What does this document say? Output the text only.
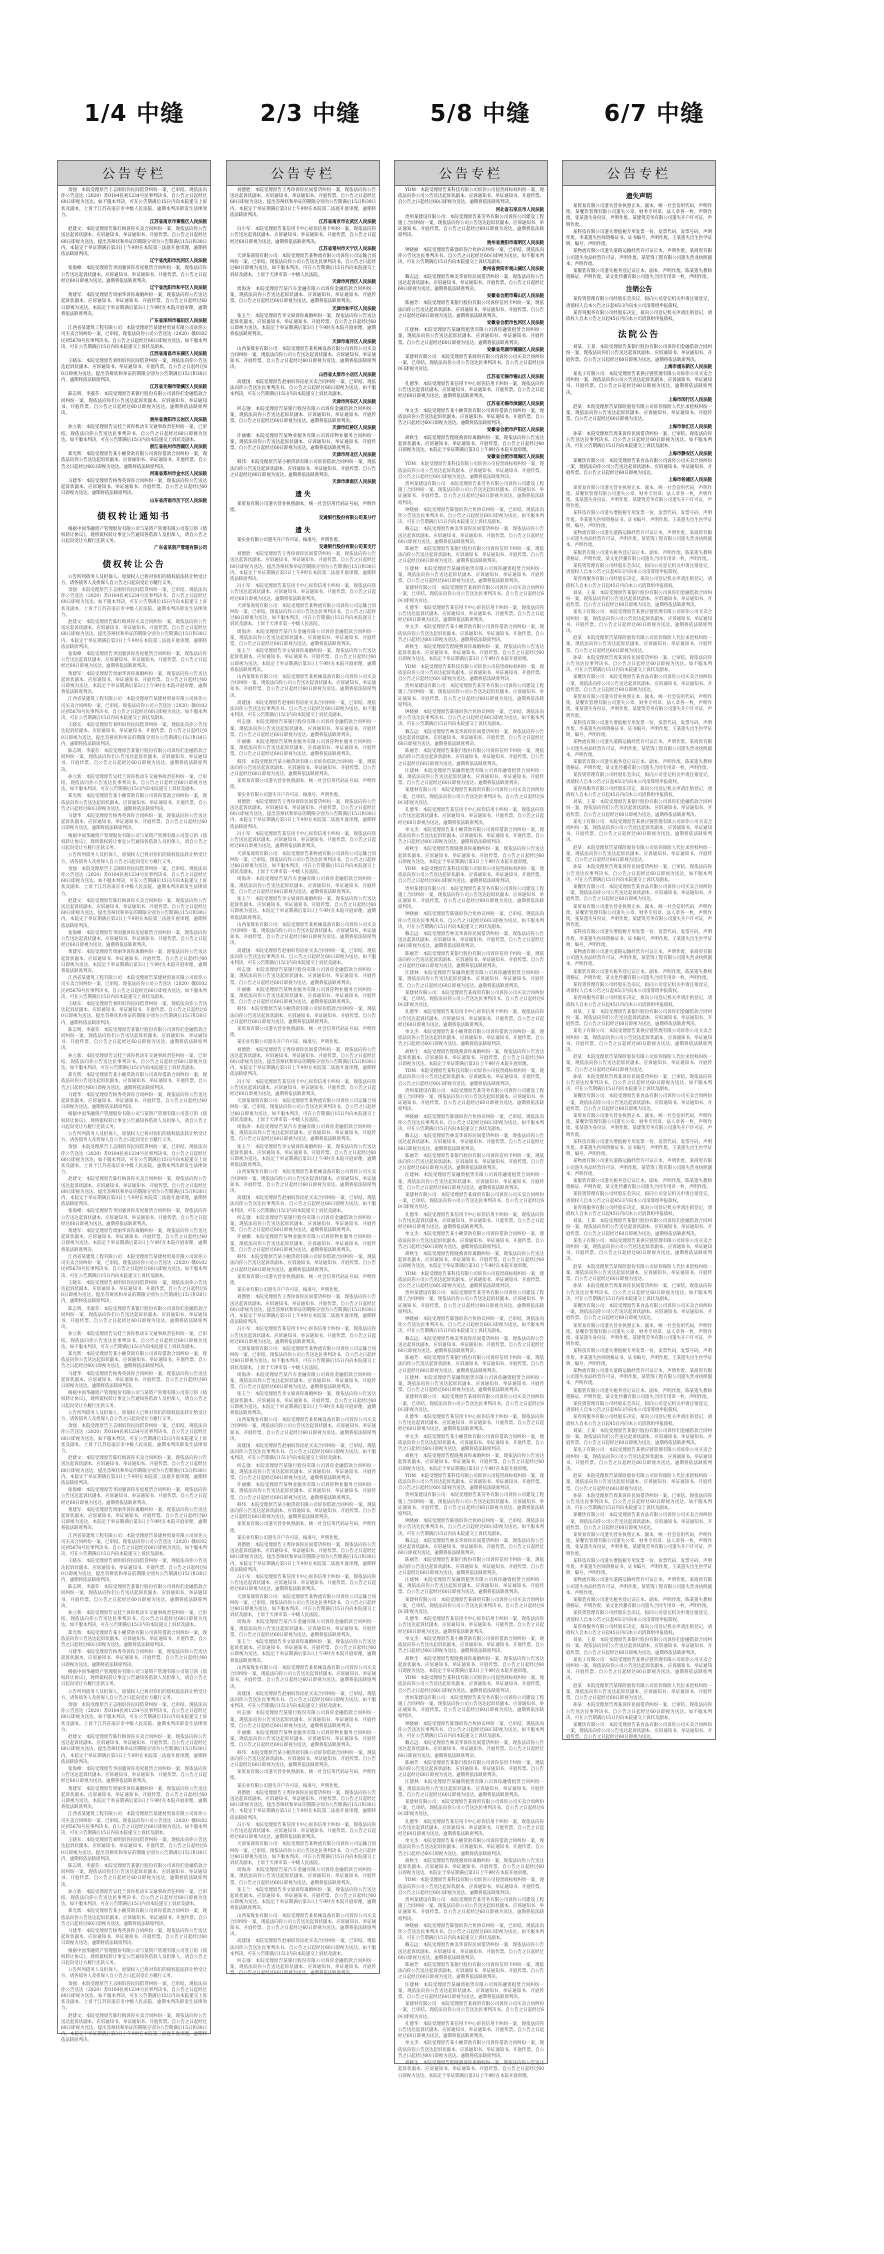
1/4 中缝	2/3 中缝	5/8 中缝	6/7 中缝
公告专栏
余强：本院受理原告王志刚诉你民间借贷纠纷一案，已审结。现依法向你公告送达（2020）苏0104民初1234号民事判决书。自公告之日起经过60日即视为送达。如不服本判决，可在公告期满后15日内向本院递交上诉状及副本，上诉于江苏省南京市中级人民法院。逾期本判决即发生法律效力。
江苏省南京市秦淮区人民法院
赵建文：本院受理原告陈红梅诉你买卖合同纠纷一案，现依法向你公告送达起诉状副本、应诉通知书、举证通知书、开庭传票。自公告之日起经过60日即视为送达。提出答辩状和举证的期限分别为公告期满后15日和30日内。本院定于举证期满后第3日上午9时在本院第三法庭开庭审理，逾期将依法缺席判决。
辽宁省沈阳市沈河区人民法院
张海峰：本院受理原告李国强诉你房屋租赁合同纠纷一案，现依法向你公告送达起诉状副本、应诉通知书、举证通知书、开庭传票。自公告之日起经过60日即视为送达。逾期将依法缺席判决。
辽宁省沈阳市和平区人民法院
黄建军：本院受理原告周丽华诉你离婚纠纷一案，现依法向你公告送达起诉状副本、应诉通知书、举证通知书、开庭传票。自公告之日起经过60日即视为送达。本院定于举证期满后第3日上午9时在本院开庭审理，逾期将依法缺席判决。
广东省深圳市福田区人民法院
江西省某建筑工程有限公司：本院受理原告某建材贸易有限公司诉你公司买卖合同纠纷一案，已审结。现依法向你公司公告送达（2020）赣0102民初5678号民事判决书。自公告之日起经过60日即视为送达。如不服本判决，可在公告期满后15日内向本院递交上诉状及副本。
江西省南昌市东湖区人民法院
王晓东：本院受理原告刘明诉你民间借贷纠纷一案，现依法向你公告送达起诉状副本、应诉通知书、举证通知书、开庭传票。自公告之日起经过60日即视为送达。提出答辩状和举证的期限分别为公告期满后15日和30日内，逾期将依法缺席判决。
江苏省无锡市梁溪区人民法院
陈志明、李淑芬：本院受理原告某银行股份有限公司诉你们金融借款合同纠纷一案，现依法向你们公告送达起诉状副本、应诉通知书、举证通知书、开庭传票。自公告之日起经过60日即视为送达。逾期将依法缺席判决。
贵州省贵阳市云岩区人民法院
孙立新：本院受理原告吴桂兰诉你机动车交通事故责任纠纷一案，已审结。现依法向你公告送达民事判决书。自公告之日起经过60日即视为送达。如不服本判决，可在公告期满后15日内向本院递交上诉状及副本。
浙江省杭州市西湖区人民法院
郑光辉：本院受理原告某小额贷款有限公司诉你借款合同纠纷一案，现依法向你公告送达起诉状副本、应诉通知书、举证通知书、开庭传票。自公告之日起经过60日即视为送达。逾期将依法缺席判决。
河南省郑州市金水区人民法院
马建华：本院受理原告杨秀英诉你合同纠纷一案，现依法向你公告送达起诉状副本、应诉通知书、举证通知书、开庭传票。自公告之日起经过60日即视为送达。逾期将依法缺席判决。
山东省济南市历下区人民法院
债权转让通知书
根据中国华融资产管理股份有限公司与某资产管理有限公司签订的《债权转让协议》，现将债权转让事宜公告通知各借款人及担保人，请自公告之日起向受让方履行还款义务。
广东省某资产管理有限公司
债权转让公告
公告所列债务人及担保人，原债权人已将对你们的债权依法转让给受让方，请各债务人及担保人自公告之日起向受让方履行义务。
余强：本院受理原告王志刚诉你民间借贷纠纷一案，已审结。现依法向你公告送达（2020）苏0104民初1234号民事判决书。自公告之日起经过60日即视为送达。如不服本判决，可在公告期满后15日内向本院递交上诉状及副本，上诉于江苏省南京市中级人民法院。逾期本判决即发生法律效力。
赵建文：本院受理原告陈红梅诉你买卖合同纠纷一案，现依法向你公告送达起诉状副本、应诉通知书、举证通知书、开庭传票。自公告之日起经过60日即视为送达。提出答辩状和举证的期限分别为公告期满后15日和30日内。本院定于举证期满后第3日上午9时在本院第三法庭开庭审理，逾期将依法缺席判决。
张海峰：本院受理原告李国强诉你房屋租赁合同纠纷一案，现依法向你公告送达起诉状副本、应诉通知书、举证通知书、开庭传票。自公告之日起经过60日即视为送达。逾期将依法缺席判决。
黄建军：本院受理原告周丽华诉你离婚纠纷一案，现依法向你公告送达起诉状副本、应诉通知书、举证通知书、开庭传票。自公告之日起经过60日即视为送达。本院定于举证期满后第3日上午9时在本院开庭审理，逾期将依法缺席判决。
江西省某建筑工程有限公司：本院受理原告某建材贸易有限公司诉你公司买卖合同纠纷一案，已审结。现依法向你公司公告送达（2020）赣0102民初5678号民事判决书。自公告之日起经过60日即视为送达。如不服本判决，可在公告期满后15日内向本院递交上诉状及副本。
王晓东：本院受理原告刘明诉你民间借贷纠纷一案，现依法向你公告送达起诉状副本、应诉通知书、举证通知书、开庭传票。自公告之日起经过60日即视为送达。提出答辩状和举证的期限分别为公告期满后15日和30日内，逾期将依法缺席判决。
陈志明、李淑芬：本院受理原告某银行股份有限公司诉你们金融借款合同纠纷一案，现依法向你们公告送达起诉状副本、应诉通知书、举证通知书、开庭传票。自公告之日起经过60日即视为送达。逾期将依法缺席判决。
孙立新：本院受理原告吴桂兰诉你机动车交通事故责任纠纷一案，已审结。现依法向你公告送达民事判决书。自公告之日起经过60日即视为送达。如不服本判决，可在公告期满后15日内向本院递交上诉状及副本。
郑光辉：本院受理原告某小额贷款有限公司诉你借款合同纠纷一案，现依法向你公告送达起诉状副本、应诉通知书、举证通知书、开庭传票。自公告之日起经过60日即视为送达。逾期将依法缺席判决。
马建华：本院受理原告杨秀英诉你合同纠纷一案，现依法向你公告送达起诉状副本、应诉通知书、举证通知书、开庭传票。自公告之日起经过60日即视为送达。逾期将依法缺席判决。
根据中国华融资产管理股份有限公司与某资产管理有限公司签订的《债权转让协议》，现将债权转让事宜公告通知各借款人及担保人，请自公告之日起向受让方履行还款义务。
公告所列债务人及担保人，原债权人已将对你们的债权依法转让给受让方，请各债务人及担保人自公告之日起向受让方履行义务。
余强：本院受理原告王志刚诉你民间借贷纠纷一案，已审结。现依法向你公告送达（2020）苏0104民初1234号民事判决书。自公告之日起经过60日即视为送达。如不服本判决，可在公告期满后15日内向本院递交上诉状及副本，上诉于江苏省南京市中级人民法院。逾期本判决即发生法律效力。
赵建文：本院受理原告陈红梅诉你买卖合同纠纷一案，现依法向你公告送达起诉状副本、应诉通知书、举证通知书、开庭传票。自公告之日起经过60日即视为送达。提出答辩状和举证的期限分别为公告期满后15日和30日内。本院定于举证期满后第3日上午9时在本院第三法庭开庭审理，逾期将依法缺席判决。
张海峰：本院受理原告李国强诉你房屋租赁合同纠纷一案，现依法向你公告送达起诉状副本、应诉通知书、举证通知书、开庭传票。自公告之日起经过60日即视为送达。逾期将依法缺席判决。
黄建军：本院受理原告周丽华诉你离婚纠纷一案，现依法向你公告送达起诉状副本、应诉通知书、举证通知书、开庭传票。自公告之日起经过60日即视为送达。本院定于举证期满后第3日上午9时在本院开庭审理，逾期将依法缺席判决。
江西省某建筑工程有限公司：本院受理原告某建材贸易有限公司诉你公司买卖合同纠纷一案，已审结。现依法向你公司公告送达（2020）赣0102民初5678号民事判决书。自公告之日起经过60日即视为送达。如不服本判决，可在公告期满后15日内向本院递交上诉状及副本。
王晓东：本院受理原告刘明诉你民间借贷纠纷一案，现依法向你公告送达起诉状副本、应诉通知书、举证通知书、开庭传票。自公告之日起经过60日即视为送达。提出答辩状和举证的期限分别为公告期满后15日和30日内，逾期将依法缺席判决。
陈志明、李淑芬：本院受理原告某银行股份有限公司诉你们金融借款合同纠纷一案，现依法向你们公告送达起诉状副本、应诉通知书、举证通知书、开庭传票。自公告之日起经过60日即视为送达。逾期将依法缺席判决。
孙立新：本院受理原告吴桂兰诉你机动车交通事故责任纠纷一案，已审结。现依法向你公告送达民事判决书。自公告之日起经过60日即视为送达。如不服本判决，可在公告期满后15日内向本院递交上诉状及副本。
郑光辉：本院受理原告某小额贷款有限公司诉你借款合同纠纷一案，现依法向你公告送达起诉状副本、应诉通知书、举证通知书、开庭传票。自公告之日起经过60日即视为送达。逾期将依法缺席判决。
马建华：本院受理原告杨秀英诉你合同纠纷一案，现依法向你公告送达起诉状副本、应诉通知书、举证通知书、开庭传票。自公告之日起经过60日即视为送达。逾期将依法缺席判决。
根据中国华融资产管理股份有限公司与某资产管理有限公司签订的《债权转让协议》，现将债权转让事宜公告通知各借款人及担保人，请自公告之日起向受让方履行还款义务。
公告所列债务人及担保人，原债权人已将对你们的债权依法转让给受让方，请各债务人及担保人自公告之日起向受让方履行义务。
余强：本院受理原告王志刚诉你民间借贷纠纷一案，已审结。现依法向你公告送达（2020）苏0104民初1234号民事判决书。自公告之日起经过60日即视为送达。如不服本判决，可在公告期满后15日内向本院递交上诉状及副本，上诉于江苏省南京市中级人民法院。逾期本判决即发生法律效力。
赵建文：本院受理原告陈红梅诉你买卖合同纠纷一案，现依法向你公告送达起诉状副本、应诉通知书、举证通知书、开庭传票。自公告之日起经过60日即视为送达。提出答辩状和举证的期限分别为公告期满后15日和30日内。本院定于举证期满后第3日上午9时在本院第三法庭开庭审理，逾期将依法缺席判决。
张海峰：本院受理原告李国强诉你房屋租赁合同纠纷一案，现依法向你公告送达起诉状副本、应诉通知书、举证通知书、开庭传票。自公告之日起经过60日即视为送达。逾期将依法缺席判决。
黄建军：本院受理原告周丽华诉你离婚纠纷一案，现依法向你公告送达起诉状副本、应诉通知书、举证通知书、开庭传票。自公告之日起经过60日即视为送达。本院定于举证期满后第3日上午9时在本院开庭审理，逾期将依法缺席判决。
江西省某建筑工程有限公司：本院受理原告某建材贸易有限公司诉你公司买卖合同纠纷一案，已审结。现依法向你公司公告送达（2020）赣0102民初5678号民事判决书。自公告之日起经过60日即视为送达。如不服本判决，可在公告期满后15日内向本院递交上诉状及副本。
王晓东：本院受理原告刘明诉你民间借贷纠纷一案，现依法向你公告送达起诉状副本、应诉通知书、举证通知书、开庭传票。自公告之日起经过60日即视为送达。提出答辩状和举证的期限分别为公告期满后15日和30日内，逾期将依法缺席判决。
陈志明、李淑芬：本院受理原告某银行股份有限公司诉你们金融借款合同纠纷一案，现依法向你们公告送达起诉状副本、应诉通知书、举证通知书、开庭传票。自公告之日起经过60日即视为送达。逾期将依法缺席判决。
孙立新：本院受理原告吴桂兰诉你机动车交通事故责任纠纷一案，已审结。现依法向你公告送达民事判决书。自公告之日起经过60日即视为送达。如不服本判决，可在公告期满后15日内向本院递交上诉状及副本。
郑光辉：本院受理原告某小额贷款有限公司诉你借款合同纠纷一案，现依法向你公告送达起诉状副本、应诉通知书、举证通知书、开庭传票。自公告之日起经过60日即视为送达。逾期将依法缺席判决。
马建华：本院受理原告杨秀英诉你合同纠纷一案，现依法向你公告送达起诉状副本、应诉通知书、举证通知书、开庭传票。自公告之日起经过60日即视为送达。逾期将依法缺席判决。
根据中国华融资产管理股份有限公司与某资产管理有限公司签订的《债权转让协议》，现将债权转让事宜公告通知各借款人及担保人，请自公告之日起向受让方履行还款义务。
公告所列债务人及担保人，原债权人已将对你们的债权依法转让给受让方，请各债务人及担保人自公告之日起向受让方履行义务。
余强：本院受理原告王志刚诉你民间借贷纠纷一案，已审结。现依法向你公告送达（2020）苏0104民初1234号民事判决书。自公告之日起经过60日即视为送达。如不服本判决，可在公告期满后15日内向本院递交上诉状及副本，上诉于江苏省南京市中级人民法院。逾期本判决即发生法律效力。
赵建文：本院受理原告陈红梅诉你买卖合同纠纷一案，现依法向你公告送达起诉状副本、应诉通知书、举证通知书、开庭传票。自公告之日起经过60日即视为送达。提出答辩状和举证的期限分别为公告期满后15日和30日内。本院定于举证期满后第3日上午9时在本院第三法庭开庭审理，逾期将依法缺席判决。
张海峰：本院受理原告李国强诉你房屋租赁合同纠纷一案，现依法向你公告送达起诉状副本、应诉通知书、举证通知书、开庭传票。自公告之日起经过60日即视为送达。逾期将依法缺席判决。
黄建军：本院受理原告周丽华诉你离婚纠纷一案，现依法向你公告送达起诉状副本、应诉通知书、举证通知书、开庭传票。自公告之日起经过60日即视为送达。本院定于举证期满后第3日上午9时在本院开庭审理，逾期将依法缺席判决。
江西省某建筑工程有限公司：本院受理原告某建材贸易有限公司诉你公司买卖合同纠纷一案，已审结。现依法向你公司公告送达（2020）赣0102民初5678号民事判决书。自公告之日起经过60日即视为送达。如不服本判决，可在公告期满后15日内向本院递交上诉状及副本。
王晓东：本院受理原告刘明诉你民间借贷纠纷一案，现依法向你公告送达起诉状副本、应诉通知书、举证通知书、开庭传票。自公告之日起经过60日即视为送达。提出答辩状和举证的期限分别为公告期满后15日和30日内，逾期将依法缺席判决。
陈志明、李淑芬：本院受理原告某银行股份有限公司诉你们金融借款合同纠纷一案，现依法向你们公告送达起诉状副本、应诉通知书、举证通知书、开庭传票。自公告之日起经过60日即视为送达。逾期将依法缺席判决。
孙立新：本院受理原告吴桂兰诉你机动车交通事故责任纠纷一案，已审结。现依法向你公告送达民事判决书。自公告之日起经过60日即视为送达。如不服本判决，可在公告期满后15日内向本院递交上诉状及副本。
郑光辉：本院受理原告某小额贷款有限公司诉你借款合同纠纷一案，现依法向你公告送达起诉状副本、应诉通知书、举证通知书、开庭传票。自公告之日起经过60日即视为送达。逾期将依法缺席判决。
马建华：本院受理原告杨秀英诉你合同纠纷一案，现依法向你公告送达起诉状副本、应诉通知书、举证通知书、开庭传票。自公告之日起经过60日即视为送达。逾期将依法缺席判决。
根据中国华融资产管理股份有限公司与某资产管理有限公司签订的《债权转让协议》，现将债权转让事宜公告通知各借款人及担保人，请自公告之日起向受让方履行还款义务。
公告所列债务人及担保人，原债权人已将对你们的债权依法转让给受让方，请各债务人及担保人自公告之日起向受让方履行义务。
余强：本院受理原告王志刚诉你民间借贷纠纷一案，已审结。现依法向你公告送达（2020）苏0104民初1234号民事判决书。自公告之日起经过60日即视为送达。如不服本判决，可在公告期满后15日内向本院递交上诉状及副本，上诉于江苏省南京市中级人民法院。逾期本判决即发生法律效力。
赵建文：本院受理原告陈红梅诉你买卖合同纠纷一案，现依法向你公告送达起诉状副本、应诉通知书、举证通知书、开庭传票。自公告之日起经过60日即视为送达。提出答辩状和举证的期限分别为公告期满后15日和30日内。本院定于举证期满后第3日上午9时在本院第三法庭开庭审理，逾期将依法缺席判决。
张海峰：本院受理原告李国强诉你房屋租赁合同纠纷一案，现依法向你公告送达起诉状副本、应诉通知书、举证通知书、开庭传票。自公告之日起经过60日即视为送达。逾期将依法缺席判决。
黄建军：本院受理原告周丽华诉你离婚纠纷一案，现依法向你公告送达起诉状副本、应诉通知书、举证通知书、开庭传票。自公告之日起经过60日即视为送达。本院定于举证期满后第3日上午9时在本院开庭审理，逾期将依法缺席判决。
江西省某建筑工程有限公司：本院受理原告某建材贸易有限公司诉你公司买卖合同纠纷一案，已审结。现依法向你公司公告送达（2020）赣0102民初5678号民事判决书。自公告之日起经过60日即视为送达。如不服本判决，可在公告期满后15日内向本院递交上诉状及副本。
王晓东：本院受理原告刘明诉你民间借贷纠纷一案，现依法向你公告送达起诉状副本、应诉通知书、举证通知书、开庭传票。自公告之日起经过60日即视为送达。提出答辩状和举证的期限分别为公告期满后15日和30日内，逾期将依法缺席判决。
陈志明、李淑芬：本院受理原告某银行股份有限公司诉你们金融借款合同纠纷一案，现依法向你们公告送达起诉状副本、应诉通知书、举证通知书、开庭传票。自公告之日起经过60日即视为送达。逾期将依法缺席判决。
孙立新：本院受理原告吴桂兰诉你机动车交通事故责任纠纷一案，已审结。现依法向你公告送达民事判决书。自公告之日起经过60日即视为送达。如不服本判决，可在公告期满后15日内向本院递交上诉状及副本。
郑光辉：本院受理原告某小额贷款有限公司诉你借款合同纠纷一案，现依法向你公告送达起诉状副本、应诉通知书、举证通知书、开庭传票。自公告之日起经过60日即视为送达。逾期将依法缺席判决。
马建华：本院受理原告杨秀英诉你合同纠纷一案，现依法向你公告送达起诉状副本、应诉通知书、举证通知书、开庭传票。自公告之日起经过60日即视为送达。逾期将依法缺席判决。
根据中国华融资产管理股份有限公司与某资产管理有限公司签订的《债权转让协议》，现将债权转让事宜公告通知各借款人及担保人，请自公告之日起向受让方履行还款义务。
公告所列债务人及担保人，原债权人已将对你们的债权依法转让给受让方，请各债务人及担保人自公告之日起向受让方履行义务。
余强：本院受理原告王志刚诉你民间借贷纠纷一案，已审结。现依法向你公告送达（2020）苏0104民初1234号民事判决书。自公告之日起经过60日即视为送达。如不服本判决，可在公告期满后15日内向本院递交上诉状及副本，上诉于江苏省南京市中级人民法院。逾期本判决即发生法律效力。
赵建文：本院受理原告陈红梅诉你买卖合同纠纷一案，现依法向你公告送达起诉状副本、应诉通知书、举证通知书、开庭传票。自公告之日起经过60日即视为送达。提出答辩状和举证的期限分别为公告期满后15日和30日内。本院定于举证期满后第3日上午9时在本院第三法庭开庭审理，逾期将依法缺席判决。
公告专栏
刘德胜：本院受理原告王秀珍诉你民间借贷纠纷一案，现依法向你公告送达起诉状副本、应诉通知书、举证通知书、开庭传票。自公告之日起经过60日即视为送达。提出答辩状和举证的期限分别为公告期满后15日和30日内。本院定于举证期满后第3日上午9时在本院第二法庭开庭审理，逾期将依法缺席判决。
江苏省南京市玄武区人民法院
冯小军：本院受理原告某信用卡中心诉你信用卡纠纷一案，现依法向你公告送达起诉状副本、应诉通知书、举证通知书、开庭传票。自公告之日起经过60日即视为送达。逾期将依法缺席判决。
江苏省常州市天宁区人民法院
天津某商贸有限公司：本院受理原告某物流有限公司诉你公司运输合同纠纷一案，已审结。现依法向你公司公告送达民事判决书。自公告之日起经过60日即视为送达。如不服本判决，可在公告期满后15日内向本院递交上诉状及副本，上诉于天津市第一中级人民法院。
天津市河西区人民法院
周海涛：本院受理原告某汽车金融有限公司诉你金融借款合同纠纷一案，现依法向你公告送达起诉状副本、应诉通知书、举证通知书、开庭传票。自公告之日起经过60日即视为送达。逾期将依法缺席判决。
天津市和平区人民法院
张玉兰：本院受理原告李文斌诉你离婚纠纷一案，现依法向你公告送达起诉状副本、应诉通知书、举证通知书、开庭传票。自公告之日起经过60日即视为送达。本院定于举证期满后第3日上午9时在本院开庭审理，逾期将依法缺席判决。
天津市南开区人民法院
山西某煤业有限公司：本院受理原告某机械设备有限公司诉你公司买卖合同纠纷一案，现依法向你公司公告送达起诉状副本、应诉通知书、举证通知书、开庭传票。自公告之日起经过60日即视为送达。逾期将依法缺席判决。
山西省太原市小店区人民法院
高建国：本院受理原告赵丽诉你房屋买卖合同纠纷一案，已审结。现依法向你公告送达民事判决书。自公告之日起经过60日即视为送达。如不服本判决，可在公告期满后15日内向本院递交上诉状及副本。
天津市河东区人民法院
何志强：本院受理原告某银行股份有限公司诉你金融借款合同纠纷一案，现依法向你公告送达起诉状副本、应诉通知书、举证通知书、开庭传票。自公告之日起经过60日即视为送达。逾期将依法缺席判决。
天津市红桥区人民法院
许丽娜：本院受理原告某物业服务有限公司诉你物业服务合同纠纷一案，现依法向你公告送达起诉状副本、应诉通知书、举证通知书、开庭传票。自公告之日起经过60日即视为送达。逾期将依法缺席判决。
天津市河北区人民法院
韩伟：本院受理原告某小额贷款有限公司诉你借款合同纠纷一案，现依法向你公告送达起诉状副本、应诉通知书、举证通知书、开庭传票。自公告之日起经过60日即视为送达。逾期将依法缺席判决。
天津市津南区人民法院
遗 失
某贸易有限公司遗失营业执照副本，统一社会信用代码证号码，声明作废。
交通银行股份有限公司某分行
遗 失
某实业有限公司遗失开户许可证，核准号，声明作废。
交通银行股份有限公司某支行
刘德胜：本院受理原告王秀珍诉你民间借贷纠纷一案，现依法向你公告送达起诉状副本、应诉通知书、举证通知书、开庭传票。自公告之日起经过60日即视为送达。提出答辩状和举证的期限分别为公告期满后15日和30日内。本院定于举证期满后第3日上午9时在本院第二法庭开庭审理，逾期将依法缺席判决。
冯小军：本院受理原告某信用卡中心诉你信用卡纠纷一案，现依法向你公告送达起诉状副本、应诉通知书、举证通知书、开庭传票。自公告之日起经过60日即视为送达。逾期将依法缺席判决。
天津某商贸有限公司：本院受理原告某物流有限公司诉你公司运输合同纠纷一案，已审结。现依法向你公司公告送达民事判决书。自公告之日起经过60日即视为送达。如不服本判决，可在公告期满后15日内向本院递交上诉状及副本，上诉于天津市第一中级人民法院。
周海涛：本院受理原告某汽车金融有限公司诉你金融借款合同纠纷一案，现依法向你公告送达起诉状副本、应诉通知书、举证通知书、开庭传票。自公告之日起经过60日即视为送达。逾期将依法缺席判决。
张玉兰：本院受理原告李文斌诉你离婚纠纷一案，现依法向你公告送达起诉状副本、应诉通知书、举证通知书、开庭传票。自公告之日起经过60日即视为送达。本院定于举证期满后第3日上午9时在本院开庭审理，逾期将依法缺席判决。
山西某煤业有限公司：本院受理原告某机械设备有限公司诉你公司买卖合同纠纷一案，现依法向你公司公告送达起诉状副本、应诉通知书、举证通知书、开庭传票。自公告之日起经过60日即视为送达。逾期将依法缺席判决。
高建国：本院受理原告赵丽诉你房屋买卖合同纠纷一案，已审结。现依法向你公告送达民事判决书。自公告之日起经过60日即视为送达。如不服本判决，可在公告期满后15日内向本院递交上诉状及副本。
何志强：本院受理原告某银行股份有限公司诉你金融借款合同纠纷一案，现依法向你公告送达起诉状副本、应诉通知书、举证通知书、开庭传票。自公告之日起经过60日即视为送达。逾期将依法缺席判决。
许丽娜：本院受理原告某物业服务有限公司诉你物业服务合同纠纷一案，现依法向你公告送达起诉状副本、应诉通知书、举证通知书、开庭传票。自公告之日起经过60日即视为送达。逾期将依法缺席判决。
韩伟：本院受理原告某小额贷款有限公司诉你借款合同纠纷一案，现依法向你公告送达起诉状副本、应诉通知书、举证通知书、开庭传票。自公告之日起经过60日即视为送达。逾期将依法缺席判决。
某贸易有限公司遗失营业执照副本，统一社会信用代码证号码，声明作废。
某实业有限公司遗失开户许可证，核准号，声明作废。
刘德胜：本院受理原告王秀珍诉你民间借贷纠纷一案，现依法向你公告送达起诉状副本、应诉通知书、举证通知书、开庭传票。自公告之日起经过60日即视为送达。提出答辩状和举证的期限分别为公告期满后15日和30日内。本院定于举证期满后第3日上午9时在本院第二法庭开庭审理，逾期将依法缺席判决。
冯小军：本院受理原告某信用卡中心诉你信用卡纠纷一案，现依法向你公告送达起诉状副本、应诉通知书、举证通知书、开庭传票。自公告之日起经过60日即视为送达。逾期将依法缺席判决。
天津某商贸有限公司：本院受理原告某物流有限公司诉你公司运输合同纠纷一案，已审结。现依法向你公司公告送达民事判决书。自公告之日起经过60日即视为送达。如不服本判决，可在公告期满后15日内向本院递交上诉状及副本，上诉于天津市第一中级人民法院。
周海涛：本院受理原告某汽车金融有限公司诉你金融借款合同纠纷一案，现依法向你公告送达起诉状副本、应诉通知书、举证通知书、开庭传票。自公告之日起经过60日即视为送达。逾期将依法缺席判决。
张玉兰：本院受理原告李文斌诉你离婚纠纷一案，现依法向你公告送达起诉状副本、应诉通知书、举证通知书、开庭传票。自公告之日起经过60日即视为送达。本院定于举证期满后第3日上午9时在本院开庭审理，逾期将依法缺席判决。
山西某煤业有限公司：本院受理原告某机械设备有限公司诉你公司买卖合同纠纷一案，现依法向你公司公告送达起诉状副本、应诉通知书、举证通知书、开庭传票。自公告之日起经过60日即视为送达。逾期将依法缺席判决。
高建国：本院受理原告赵丽诉你房屋买卖合同纠纷一案，已审结。现依法向你公告送达民事判决书。自公告之日起经过60日即视为送达。如不服本判决，可在公告期满后15日内向本院递交上诉状及副本。
何志强：本院受理原告某银行股份有限公司诉你金融借款合同纠纷一案，现依法向你公告送达起诉状副本、应诉通知书、举证通知书、开庭传票。自公告之日起经过60日即视为送达。逾期将依法缺席判决。
许丽娜：本院受理原告某物业服务有限公司诉你物业服务合同纠纷一案，现依法向你公告送达起诉状副本、应诉通知书、举证通知书、开庭传票。自公告之日起经过60日即视为送达。逾期将依法缺席判决。
韩伟：本院受理原告某小额贷款有限公司诉你借款合同纠纷一案，现依法向你公告送达起诉状副本、应诉通知书、举证通知书、开庭传票。自公告之日起经过60日即视为送达。逾期将依法缺席判决。
某贸易有限公司遗失营业执照副本，统一社会信用代码证号码，声明作废。
某实业有限公司遗失开户许可证，核准号，声明作废。
刘德胜：本院受理原告王秀珍诉你民间借贷纠纷一案，现依法向你公告送达起诉状副本、应诉通知书、举证通知书、开庭传票。自公告之日起经过60日即视为送达。提出答辩状和举证的期限分别为公告期满后15日和30日内。本院定于举证期满后第3日上午9时在本院第二法庭开庭审理，逾期将依法缺席判决。
冯小军：本院受理原告某信用卡中心诉你信用卡纠纷一案，现依法向你公告送达起诉状副本、应诉通知书、举证通知书、开庭传票。自公告之日起经过60日即视为送达。逾期将依法缺席判决。
天津某商贸有限公司：本院受理原告某物流有限公司诉你公司运输合同纠纷一案，已审结。现依法向你公司公告送达民事判决书。自公告之日起经过60日即视为送达。如不服本判决，可在公告期满后15日内向本院递交上诉状及副本，上诉于天津市第一中级人民法院。
周海涛：本院受理原告某汽车金融有限公司诉你金融借款合同纠纷一案，现依法向你公告送达起诉状副本、应诉通知书、举证通知书、开庭传票。自公告之日起经过60日即视为送达。逾期将依法缺席判决。
张玉兰：本院受理原告李文斌诉你离婚纠纷一案，现依法向你公告送达起诉状副本、应诉通知书、举证通知书、开庭传票。自公告之日起经过60日即视为送达。本院定于举证期满后第3日上午9时在本院开庭审理，逾期将依法缺席判决。
山西某煤业有限公司：本院受理原告某机械设备有限公司诉你公司买卖合同纠纷一案，现依法向你公司公告送达起诉状副本、应诉通知书、举证通知书、开庭传票。自公告之日起经过60日即视为送达。逾期将依法缺席判决。
高建国：本院受理原告赵丽诉你房屋买卖合同纠纷一案，已审结。现依法向你公告送达民事判决书。自公告之日起经过60日即视为送达。如不服本判决，可在公告期满后15日内向本院递交上诉状及副本。
何志强：本院受理原告某银行股份有限公司诉你金融借款合同纠纷一案，现依法向你公告送达起诉状副本、应诉通知书、举证通知书、开庭传票。自公告之日起经过60日即视为送达。逾期将依法缺席判决。
许丽娜：本院受理原告某物业服务有限公司诉你物业服务合同纠纷一案，现依法向你公告送达起诉状副本、应诉通知书、举证通知书、开庭传票。自公告之日起经过60日即视为送达。逾期将依法缺席判决。
韩伟：本院受理原告某小额贷款有限公司诉你借款合同纠纷一案，现依法向你公告送达起诉状副本、应诉通知书、举证通知书、开庭传票。自公告之日起经过60日即视为送达。逾期将依法缺席判决。
某贸易有限公司遗失营业执照副本，统一社会信用代码证号码，声明作废。
某实业有限公司遗失开户许可证，核准号，声明作废。
刘德胜：本院受理原告王秀珍诉你民间借贷纠纷一案，现依法向你公告送达起诉状副本、应诉通知书、举证通知书、开庭传票。自公告之日起经过60日即视为送达。提出答辩状和举证的期限分别为公告期满后15日和30日内。本院定于举证期满后第3日上午9时在本院第二法庭开庭审理，逾期将依法缺席判决。
冯小军：本院受理原告某信用卡中心诉你信用卡纠纷一案，现依法向你公告送达起诉状副本、应诉通知书、举证通知书、开庭传票。自公告之日起经过60日即视为送达。逾期将依法缺席判决。
天津某商贸有限公司：本院受理原告某物流有限公司诉你公司运输合同纠纷一案，已审结。现依法向你公司公告送达民事判决书。自公告之日起经过60日即视为送达。如不服本判决，可在公告期满后15日内向本院递交上诉状及副本，上诉于天津市第一中级人民法院。
周海涛：本院受理原告某汽车金融有限公司诉你金融借款合同纠纷一案，现依法向你公告送达起诉状副本、应诉通知书、举证通知书、开庭传票。自公告之日起经过60日即视为送达。逾期将依法缺席判决。
张玉兰：本院受理原告李文斌诉你离婚纠纷一案，现依法向你公告送达起诉状副本、应诉通知书、举证通知书、开庭传票。自公告之日起经过60日即视为送达。本院定于举证期满后第3日上午9时在本院开庭审理，逾期将依法缺席判决。
山西某煤业有限公司：本院受理原告某机械设备有限公司诉你公司买卖合同纠纷一案，现依法向你公司公告送达起诉状副本、应诉通知书、举证通知书、开庭传票。自公告之日起经过60日即视为送达。逾期将依法缺席判决。
高建国：本院受理原告赵丽诉你房屋买卖合同纠纷一案，已审结。现依法向你公告送达民事判决书。自公告之日起经过60日即视为送达。如不服本判决，可在公告期满后15日内向本院递交上诉状及副本。
何志强：本院受理原告某银行股份有限公司诉你金融借款合同纠纷一案，现依法向你公告送达起诉状副本、应诉通知书、举证通知书、开庭传票。自公告之日起经过60日即视为送达。逾期将依法缺席判决。
许丽娜：本院受理原告某物业服务有限公司诉你物业服务合同纠纷一案，现依法向你公告送达起诉状副本、应诉通知书、举证通知书、开庭传票。自公告之日起经过60日即视为送达。逾期将依法缺席判决。
韩伟：本院受理原告某小额贷款有限公司诉你借款合同纠纷一案，现依法向你公告送达起诉状副本、应诉通知书、举证通知书、开庭传票。自公告之日起经过60日即视为送达。逾期将依法缺席判决。
某贸易有限公司遗失营业执照副本，统一社会信用代码证号码，声明作废。
某实业有限公司遗失开户许可证，核准号，声明作废。
刘德胜：本院受理原告王秀珍诉你民间借贷纠纷一案，现依法向你公告送达起诉状副本、应诉通知书、举证通知书、开庭传票。自公告之日起经过60日即视为送达。提出答辩状和举证的期限分别为公告期满后15日和30日内。本院定于举证期满后第3日上午9时在本院第二法庭开庭审理，逾期将依法缺席判决。
冯小军：本院受理原告某信用卡中心诉你信用卡纠纷一案，现依法向你公告送达起诉状副本、应诉通知书、举证通知书、开庭传票。自公告之日起经过60日即视为送达。逾期将依法缺席判决。
天津某商贸有限公司：本院受理原告某物流有限公司诉你公司运输合同纠纷一案，已审结。现依法向你公司公告送达民事判决书。自公告之日起经过60日即视为送达。如不服本判决，可在公告期满后15日内向本院递交上诉状及副本，上诉于天津市第一中级人民法院。
周海涛：本院受理原告某汽车金融有限公司诉你金融借款合同纠纷一案，现依法向你公告送达起诉状副本、应诉通知书、举证通知书、开庭传票。自公告之日起经过60日即视为送达。逾期将依法缺席判决。
张玉兰：本院受理原告李文斌诉你离婚纠纷一案，现依法向你公告送达起诉状副本、应诉通知书、举证通知书、开庭传票。自公告之日起经过60日即视为送达。本院定于举证期满后第3日上午9时在本院开庭审理，逾期将依法缺席判决。
山西某煤业有限公司：本院受理原告某机械设备有限公司诉你公司买卖合同纠纷一案，现依法向你公司公告送达起诉状副本、应诉通知书、举证通知书、开庭传票。自公告之日起经过60日即视为送达。逾期将依法缺席判决。
高建国：本院受理原告赵丽诉你房屋买卖合同纠纷一案，已审结。现依法向你公告送达民事判决书。自公告之日起经过60日即视为送达。如不服本判决，可在公告期满后15日内向本院递交上诉状及副本。
何志强：本院受理原告某银行股份有限公司诉你金融借款合同纠纷一案，现依法向你公告送达起诉状副本、应诉通知书、举证通知书、开庭传票。自公告之日起经过60日即视为送达。逾期将依法缺席判决。
许丽娜：本院受理原告某物业服务有限公司诉你物业服务合同纠纷一案，现依法向你公告送达起诉状副本、应诉通知书、举证通知书、开庭传票。自公告之日起经过60日即视为送达。逾期将依法缺席判决。
韩伟：本院受理原告某小额贷款有限公司诉你借款合同纠纷一案，现依法向你公告送达起诉状副本、应诉通知书、举证通知书、开庭传票。自公告之日起经过60日即视为送达。逾期将依法缺席判决。
某贸易有限公司遗失营业执照副本，统一社会信用代码证号码，声明作废。
某实业有限公司遗失开户许可证，核准号，声明作废。
刘德胜：本院受理原告王秀珍诉你民间借贷纠纷一案，现依法向你公告送达起诉状副本、应诉通知书、举证通知书、开庭传票。自公告之日起经过60日即视为送达。提出答辩状和举证的期限分别为公告期满后15日和30日内。本院定于举证期满后第3日上午9时在本院第二法庭开庭审理，逾期将依法缺席判决。
冯小军：本院受理原告某信用卡中心诉你信用卡纠纷一案，现依法向你公告送达起诉状副本、应诉通知书、举证通知书、开庭传票。自公告之日起经过60日即视为送达。逾期将依法缺席判决。
天津某商贸有限公司：本院受理原告某物流有限公司诉你公司运输合同纠纷一案，已审结。现依法向你公司公告送达民事判决书。自公告之日起经过60日即视为送达。如不服本判决，可在公告期满后15日内向本院递交上诉状及副本，上诉于天津市第一中级人民法院。
周海涛：本院受理原告某汽车金融有限公司诉你金融借款合同纠纷一案，现依法向你公告送达起诉状副本、应诉通知书、举证通知书、开庭传票。自公告之日起经过60日即视为送达。逾期将依法缺席判决。
张玉兰：本院受理原告李文斌诉你离婚纠纷一案，现依法向你公告送达起诉状副本、应诉通知书、举证通知书、开庭传票。自公告之日起经过60日即视为送达。本院定于举证期满后第3日上午9时在本院开庭审理，逾期将依法缺席判决。
山西某煤业有限公司：本院受理原告某机械设备有限公司诉你公司买卖合同纠纷一案，现依法向你公司公告送达起诉状副本、应诉通知书、举证通知书、开庭传票。自公告之日起经过60日即视为送达。逾期将依法缺席判决。
高建国：本院受理原告赵丽诉你房屋买卖合同纠纷一案，已审结。现依法向你公告送达民事判决书。自公告之日起经过60日即视为送达。如不服本判决，可在公告期满后15日内向本院递交上诉状及副本。
何志强：本院受理原告某银行股份有限公司诉你金融借款合同纠纷一案，现依法向你公告送达起诉状副本、应诉通知书、举证通知书、开庭传票。自公告之日起经过60日即视为送达。逾期将依法缺席判决。
公告专栏
YDM：本院受理原告某科技有限公司诉你公司侵害商标权纠纷一案，现依法向你公司公告送达起诉状副本、应诉通知书、举证通知书、开庭传票。自公告之日起经过60日即视为送达。逾期将依法缺席判决。
河北省石家庄市人民法院
贵州某建设有限公司：本院受理原告某劳务有限公司诉你公司建设工程施工合同纠纷一案，现依法向你公司公告送达起诉状副本、应诉通知书、举证通知书、开庭传票。自公告之日起经过60日即视为送达。逾期将依法缺席判决。
贵州省贵阳市南明区人民法院
钟晓丽：本院受理原告陈强诉你合伙协议纠纷一案，已审结。现依法向你公告送达民事判决书。自公告之日起经过60日即视为送达。如不服本判决，可在公告期满后15日内向本院递交上诉状及副本。
贵州省贵阳市观山湖区人民法院
赖志远：本院受理原告林美华诉你民间借贷纠纷一案，现依法向你公告送达起诉状副本、应诉通知书、举证通知书、开庭传票。自公告之日起经过60日即视为送达。逾期将依法缺席判决。
安徽省合肥市蜀山区人民法院
陈丽芳：本院受理原告某银行股份有限公司诉你信用卡纠纷一案，现依法向你公告送达起诉状副本、应诉通知书、举证通知书、开庭传票。自公告之日起经过60日即视为送达。逾期将依法缺席判决。
安徽省合肥市包河区人民法院
汪建林：本院受理原告某融资租赁有限公司诉你融资租赁合同纠纷一案，现依法向你公告送达起诉状副本、应诉通知书、举证通知书、开庭传票。自公告之日起经过60日即视为送达。逾期将依法缺席判决。
安徽省芜湖市镜湖区人民法院
某建材有限公司：本院受理原告某商贸有限公司诉你公司买卖合同纠纷一案，已审结。现依法向你公司公告送达民事判决书。自公告之日起经过60日即视为送达。
江苏省无锡市锡山区人民法院
孔德华：本院受理原告某信用卡中心诉你信用卡纠纷一案，现依法向你公告送达起诉状副本、应诉通知书、举证通知书、开庭传票。自公告之日起经过60日即视为送达。逾期将依法缺席判决。
江苏省无锡市滨湖区人民法院
单文杰：本院受理原告某小额贷款有限公司诉你借款合同纠纷一案，现依法向你公告送达起诉状副本、应诉通知书、举证通知书、开庭传票。自公告之日起经过60日即视为送达。逾期将依法缺席判决。
安徽省合肥市庐阳区人民法院
胡秋生：本院受理原告程晓燕诉你离婚纠纷一案，现依法向你公告送达起诉状副本、应诉通知书、举证通知书、开庭传票。自公告之日起经过60日即视为送达。本院定于举证期满后第3日上午9时在本院开庭审理。
安徽省合肥市瑶海区人民法院
YDM：本院受理原告某科技有限公司诉你公司侵害商标权纠纷一案，现依法向你公司公告送达起诉状副本、应诉通知书、举证通知书、开庭传票。自公告之日起经过60日即视为送达。逾期将依法缺席判决。
贵州某建设有限公司：本院受理原告某劳务有限公司诉你公司建设工程施工合同纠纷一案，现依法向你公司公告送达起诉状副本、应诉通知书、举证通知书、开庭传票。自公告之日起经过60日即视为送达。逾期将依法缺席判决。
钟晓丽：本院受理原告陈强诉你合伙协议纠纷一案，已审结。现依法向你公告送达民事判决书。自公告之日起经过60日即视为送达。如不服本判决，可在公告期满后15日内向本院递交上诉状及副本。
赖志远：本院受理原告林美华诉你民间借贷纠纷一案，现依法向你公告送达起诉状副本、应诉通知书、举证通知书、开庭传票。自公告之日起经过60日即视为送达。逾期将依法缺席判决。
陈丽芳：本院受理原告某银行股份有限公司诉你信用卡纠纷一案，现依法向你公告送达起诉状副本、应诉通知书、举证通知书、开庭传票。自公告之日起经过60日即视为送达。逾期将依法缺席判决。
汪建林：本院受理原告某融资租赁有限公司诉你融资租赁合同纠纷一案，现依法向你公告送达起诉状副本、应诉通知书、举证通知书、开庭传票。自公告之日起经过60日即视为送达。逾期将依法缺席判决。
某建材有限公司：本院受理原告某商贸有限公司诉你公司买卖合同纠纷一案，已审结。现依法向你公司公告送达民事判决书。自公告之日起经过60日即视为送达。
孔德华：本院受理原告某信用卡中心诉你信用卡纠纷一案，现依法向你公告送达起诉状副本、应诉通知书、举证通知书、开庭传票。自公告之日起经过60日即视为送达。逾期将依法缺席判决。
单文杰：本院受理原告某小额贷款有限公司诉你借款合同纠纷一案，现依法向你公告送达起诉状副本、应诉通知书、举证通知书、开庭传票。自公告之日起经过60日即视为送达。逾期将依法缺席判决。
胡秋生：本院受理原告程晓燕诉你离婚纠纷一案，现依法向你公告送达起诉状副本、应诉通知书、举证通知书、开庭传票。自公告之日起经过60日即视为送达。本院定于举证期满后第3日上午9时在本院开庭审理。
YDM：本院受理原告某科技有限公司诉你公司侵害商标权纠纷一案，现依法向你公司公告送达起诉状副本、应诉通知书、举证通知书、开庭传票。自公告之日起经过60日即视为送达。逾期将依法缺席判决。
贵州某建设有限公司：本院受理原告某劳务有限公司诉你公司建设工程施工合同纠纷一案，现依法向你公司公告送达起诉状副本、应诉通知书、举证通知书、开庭传票。自公告之日起经过60日即视为送达。逾期将依法缺席判决。
钟晓丽：本院受理原告陈强诉你合伙协议纠纷一案，已审结。现依法向你公告送达民事判决书。自公告之日起经过60日即视为送达。如不服本判决，可在公告期满后15日内向本院递交上诉状及副本。
赖志远：本院受理原告林美华诉你民间借贷纠纷一案，现依法向你公告送达起诉状副本、应诉通知书、举证通知书、开庭传票。自公告之日起经过60日即视为送达。逾期将依法缺席判决。
陈丽芳：本院受理原告某银行股份有限公司诉你信用卡纠纷一案，现依法向你公告送达起诉状副本、应诉通知书、举证通知书、开庭传票。自公告之日起经过60日即视为送达。逾期将依法缺席判决。
汪建林：本院受理原告某融资租赁有限公司诉你融资租赁合同纠纷一案，现依法向你公告送达起诉状副本、应诉通知书、举证通知书、开庭传票。自公告之日起经过60日即视为送达。逾期将依法缺席判决。
某建材有限公司：本院受理原告某商贸有限公司诉你公司买卖合同纠纷一案，已审结。现依法向你公司公告送达民事判决书。自公告之日起经过60日即视为送达。
孔德华：本院受理原告某信用卡中心诉你信用卡纠纷一案，现依法向你公告送达起诉状副本、应诉通知书、举证通知书、开庭传票。自公告之日起经过60日即视为送达。逾期将依法缺席判决。
单文杰：本院受理原告某小额贷款有限公司诉你借款合同纠纷一案，现依法向你公告送达起诉状副本、应诉通知书、举证通知书、开庭传票。自公告之日起经过60日即视为送达。逾期将依法缺席判决。
胡秋生：本院受理原告程晓燕诉你离婚纠纷一案，现依法向你公告送达起诉状副本、应诉通知书、举证通知书、开庭传票。自公告之日起经过60日即视为送达。本院定于举证期满后第3日上午9时在本院开庭审理。
YDM：本院受理原告某科技有限公司诉你公司侵害商标权纠纷一案，现依法向你公司公告送达起诉状副本、应诉通知书、举证通知书、开庭传票。自公告之日起经过60日即视为送达。逾期将依法缺席判决。
贵州某建设有限公司：本院受理原告某劳务有限公司诉你公司建设工程施工合同纠纷一案，现依法向你公司公告送达起诉状副本、应诉通知书、举证通知书、开庭传票。自公告之日起经过60日即视为送达。逾期将依法缺席判决。
钟晓丽：本院受理原告陈强诉你合伙协议纠纷一案，已审结。现依法向你公告送达民事判决书。自公告之日起经过60日即视为送达。如不服本判决，可在公告期满后15日内向本院递交上诉状及副本。
赖志远：本院受理原告林美华诉你民间借贷纠纷一案，现依法向你公告送达起诉状副本、应诉通知书、举证通知书、开庭传票。自公告之日起经过60日即视为送达。逾期将依法缺席判决。
陈丽芳：本院受理原告某银行股份有限公司诉你信用卡纠纷一案，现依法向你公告送达起诉状副本、应诉通知书、举证通知书、开庭传票。自公告之日起经过60日即视为送达。逾期将依法缺席判决。
汪建林：本院受理原告某融资租赁有限公司诉你融资租赁合同纠纷一案，现依法向你公告送达起诉状副本、应诉通知书、举证通知书、开庭传票。自公告之日起经过60日即视为送达。逾期将依法缺席判决。
某建材有限公司：本院受理原告某商贸有限公司诉你公司买卖合同纠纷一案，已审结。现依法向你公司公告送达民事判决书。自公告之日起经过60日即视为送达。
孔德华：本院受理原告某信用卡中心诉你信用卡纠纷一案，现依法向你公告送达起诉状副本、应诉通知书、举证通知书、开庭传票。自公告之日起经过60日即视为送达。逾期将依法缺席判决。
单文杰：本院受理原告某小额贷款有限公司诉你借款合同纠纷一案，现依法向你公告送达起诉状副本、应诉通知书、举证通知书、开庭传票。自公告之日起经过60日即视为送达。逾期将依法缺席判决。
胡秋生：本院受理原告程晓燕诉你离婚纠纷一案，现依法向你公告送达起诉状副本、应诉通知书、举证通知书、开庭传票。自公告之日起经过60日即视为送达。本院定于举证期满后第3日上午9时在本院开庭审理。
YDM：本院受理原告某科技有限公司诉你公司侵害商标权纠纷一案，现依法向你公司公告送达起诉状副本、应诉通知书、举证通知书、开庭传票。自公告之日起经过60日即视为送达。逾期将依法缺席判决。
贵州某建设有限公司：本院受理原告某劳务有限公司诉你公司建设工程施工合同纠纷一案，现依法向你公司公告送达起诉状副本、应诉通知书、举证通知书、开庭传票。自公告之日起经过60日即视为送达。逾期将依法缺席判决。
钟晓丽：本院受理原告陈强诉你合伙协议纠纷一案，已审结。现依法向你公告送达民事判决书。自公告之日起经过60日即视为送达。如不服本判决，可在公告期满后15日内向本院递交上诉状及副本。
赖志远：本院受理原告林美华诉你民间借贷纠纷一案，现依法向你公告送达起诉状副本、应诉通知书、举证通知书、开庭传票。自公告之日起经过60日即视为送达。逾期将依法缺席判决。
陈丽芳：本院受理原告某银行股份有限公司诉你信用卡纠纷一案，现依法向你公告送达起诉状副本、应诉通知书、举证通知书、开庭传票。自公告之日起经过60日即视为送达。逾期将依法缺席判决。
汪建林：本院受理原告某融资租赁有限公司诉你融资租赁合同纠纷一案，现依法向你公告送达起诉状副本、应诉通知书、举证通知书、开庭传票。自公告之日起经过60日即视为送达。逾期将依法缺席判决。
某建材有限公司：本院受理原告某商贸有限公司诉你公司买卖合同纠纷一案，已审结。现依法向你公司公告送达民事判决书。自公告之日起经过60日即视为送达。
孔德华：本院受理原告某信用卡中心诉你信用卡纠纷一案，现依法向你公告送达起诉状副本、应诉通知书、举证通知书、开庭传票。自公告之日起经过60日即视为送达。逾期将依法缺席判决。
单文杰：本院受理原告某小额贷款有限公司诉你借款合同纠纷一案，现依法向你公告送达起诉状副本、应诉通知书、举证通知书、开庭传票。自公告之日起经过60日即视为送达。逾期将依法缺席判决。
胡秋生：本院受理原告程晓燕诉你离婚纠纷一案，现依法向你公告送达起诉状副本、应诉通知书、举证通知书、开庭传票。自公告之日起经过60日即视为送达。本院定于举证期满后第3日上午9时在本院开庭审理。
YDM：本院受理原告某科技有限公司诉你公司侵害商标权纠纷一案，现依法向你公司公告送达起诉状副本、应诉通知书、举证通知书、开庭传票。自公告之日起经过60日即视为送达。逾期将依法缺席判决。
贵州某建设有限公司：本院受理原告某劳务有限公司诉你公司建设工程施工合同纠纷一案，现依法向你公司公告送达起诉状副本、应诉通知书、举证通知书、开庭传票。自公告之日起经过60日即视为送达。逾期将依法缺席判决。
钟晓丽：本院受理原告陈强诉你合伙协议纠纷一案，已审结。现依法向你公告送达民事判决书。自公告之日起经过60日即视为送达。如不服本判决，可在公告期满后15日内向本院递交上诉状及副本。
赖志远：本院受理原告林美华诉你民间借贷纠纷一案，现依法向你公告送达起诉状副本、应诉通知书、举证通知书、开庭传票。自公告之日起经过60日即视为送达。逾期将依法缺席判决。
陈丽芳：本院受理原告某银行股份有限公司诉你信用卡纠纷一案，现依法向你公告送达起诉状副本、应诉通知书、举证通知书、开庭传票。自公告之日起经过60日即视为送达。逾期将依法缺席判决。
汪建林：本院受理原告某融资租赁有限公司诉你融资租赁合同纠纷一案，现依法向你公告送达起诉状副本、应诉通知书、举证通知书、开庭传票。自公告之日起经过60日即视为送达。逾期将依法缺席判决。
某建材有限公司：本院受理原告某商贸有限公司诉你公司买卖合同纠纷一案，已审结。现依法向你公司公告送达民事判决书。自公告之日起经过60日即视为送达。
孔德华：本院受理原告某信用卡中心诉你信用卡纠纷一案，现依法向你公告送达起诉状副本、应诉通知书、举证通知书、开庭传票。自公告之日起经过60日即视为送达。逾期将依法缺席判决。
单文杰：本院受理原告某小额贷款有限公司诉你借款合同纠纷一案，现依法向你公告送达起诉状副本、应诉通知书、举证通知书、开庭传票。自公告之日起经过60日即视为送达。逾期将依法缺席判决。
胡秋生：本院受理原告程晓燕诉你离婚纠纷一案，现依法向你公告送达起诉状副本、应诉通知书、举证通知书、开庭传票。自公告之日起经过60日即视为送达。本院定于举证期满后第3日上午9时在本院开庭审理。
YDM：本院受理原告某科技有限公司诉你公司侵害商标权纠纷一案，现依法向你公司公告送达起诉状副本、应诉通知书、举证通知书、开庭传票。自公告之日起经过60日即视为送达。逾期将依法缺席判决。
贵州某建设有限公司：本院受理原告某劳务有限公司诉你公司建设工程施工合同纠纷一案，现依法向你公司公告送达起诉状副本、应诉通知书、举证通知书、开庭传票。自公告之日起经过60日即视为送达。逾期将依法缺席判决。
钟晓丽：本院受理原告陈强诉你合伙协议纠纷一案，已审结。现依法向你公告送达民事判决书。自公告之日起经过60日即视为送达。如不服本判决，可在公告期满后15日内向本院递交上诉状及副本。
赖志远：本院受理原告林美华诉你民间借贷纠纷一案，现依法向你公告送达起诉状副本、应诉通知书、举证通知书、开庭传票。自公告之日起经过60日即视为送达。逾期将依法缺席判决。
陈丽芳：本院受理原告某银行股份有限公司诉你信用卡纠纷一案，现依法向你公告送达起诉状副本、应诉通知书、举证通知书、开庭传票。自公告之日起经过60日即视为送达。逾期将依法缺席判决。
汪建林：本院受理原告某融资租赁有限公司诉你融资租赁合同纠纷一案，现依法向你公告送达起诉状副本、应诉通知书、举证通知书、开庭传票。自公告之日起经过60日即视为送达。逾期将依法缺席判决。
某建材有限公司：本院受理原告某商贸有限公司诉你公司买卖合同纠纷一案，已审结。现依法向你公司公告送达民事判决书。自公告之日起经过60日即视为送达。
孔德华：本院受理原告某信用卡中心诉你信用卡纠纷一案，现依法向你公告送达起诉状副本、应诉通知书、举证通知书、开庭传票。自公告之日起经过60日即视为送达。逾期将依法缺席判决。
单文杰：本院受理原告某小额贷款有限公司诉你借款合同纠纷一案，现依法向你公告送达起诉状副本、应诉通知书、举证通知书、开庭传票。自公告之日起经过60日即视为送达。逾期将依法缺席判决。
胡秋生：本院受理原告程晓燕诉你离婚纠纷一案，现依法向你公告送达起诉状副本、应诉通知书、举证通知书、开庭传票。自公告之日起经过60日即视为送达。本院定于举证期满后第3日上午9时在本院开庭审理。
YDM：本院受理原告某科技有限公司诉你公司侵害商标权纠纷一案，现依法向你公司公告送达起诉状副本、应诉通知书、举证通知书、开庭传票。自公告之日起经过60日即视为送达。逾期将依法缺席判决。
贵州某建设有限公司：本院受理原告某劳务有限公司诉你公司建设工程施工合同纠纷一案，现依法向你公司公告送达起诉状副本、应诉通知书、举证通知书、开庭传票。自公告之日起经过60日即视为送达。逾期将依法缺席判决。
钟晓丽：本院受理原告陈强诉你合伙协议纠纷一案，已审结。现依法向你公告送达民事判决书。自公告之日起经过60日即视为送达。如不服本判决，可在公告期满后15日内向本院递交上诉状及副本。
赖志远：本院受理原告林美华诉你民间借贷纠纷一案，现依法向你公告送达起诉状副本、应诉通知书、举证通知书、开庭传票。自公告之日起经过60日即视为送达。逾期将依法缺席判决。
陈丽芳：本院受理原告某银行股份有限公司诉你信用卡纠纷一案，现依法向你公告送达起诉状副本、应诉通知书、举证通知书、开庭传票。自公告之日起经过60日即视为送达。逾期将依法缺席判决。
汪建林：本院受理原告某融资租赁有限公司诉你融资租赁合同纠纷一案，现依法向你公告送达起诉状副本、应诉通知书、举证通知书、开庭传票。自公告之日起经过60日即视为送达。逾期将依法缺席判决。
某建材有限公司：本院受理原告某商贸有限公司诉你公司买卖合同纠纷一案，已审结。现依法向你公司公告送达民事判决书。自公告之日起经过60日即视为送达。
孔德华：本院受理原告某信用卡中心诉你信用卡纠纷一案，现依法向你公告送达起诉状副本、应诉通知书、举证通知书、开庭传票。自公告之日起经过60日即视为送达。逾期将依法缺席判决。
单文杰：本院受理原告某小额贷款有限公司诉你借款合同纠纷一案，现依法向你公告送达起诉状副本、应诉通知书、举证通知书、开庭传票。自公告之日起经过60日即视为送达。逾期将依法缺席判决。
胡秋生：本院受理原告程晓燕诉你离婚纠纷一案，现依法向你公告送达起诉状副本、应诉通知书、举证通知书、开庭传票。自公告之日起经过60日即视为送达。本院定于举证期满后第3日上午9时在本院开庭审理。
YDM：本院受理原告某科技有限公司诉你公司侵害商标权纠纷一案，现依法向你公司公告送达起诉状副本、应诉通知书、举证通知书、开庭传票。自公告之日起经过60日即视为送达。逾期将依法缺席判决。
贵州某建设有限公司：本院受理原告某劳务有限公司诉你公司建设工程施工合同纠纷一案，现依法向你公司公告送达起诉状副本、应诉通知书、举证通知书、开庭传票。自公告之日起经过60日即视为送达。逾期将依法缺席判决。
钟晓丽：本院受理原告陈强诉你合伙协议纠纷一案，已审结。现依法向你公告送达民事判决书。自公告之日起经过60日即视为送达。如不服本判决，可在公告期满后15日内向本院递交上诉状及副本。
赖志远：本院受理原告林美华诉你民间借贷纠纷一案，现依法向你公告送达起诉状副本、应诉通知书、举证通知书、开庭传票。自公告之日起经过60日即视为送达。逾期将依法缺席判决。
陈丽芳：本院受理原告某银行股份有限公司诉你信用卡纠纷一案，现依法向你公告送达起诉状副本、应诉通知书、举证通知书、开庭传票。自公告之日起经过60日即视为送达。逾期将依法缺席判决。
汪建林：本院受理原告某融资租赁有限公司诉你融资租赁合同纠纷一案，现依法向你公告送达起诉状副本、应诉通知书、举证通知书、开庭传票。自公告之日起经过60日即视为送达。逾期将依法缺席判决。
某建材有限公司：本院受理原告某商贸有限公司诉你公司买卖合同纠纷一案，已审结。现依法向你公司公告送达民事判决书。自公告之日起经过60日即视为送达。
孔德华：本院受理原告某信用卡中心诉你信用卡纠纷一案，现依法向你公告送达起诉状副本、应诉通知书、举证通知书、开庭传票。自公告之日起经过60日即视为送达。逾期将依法缺席判决。
单文杰：本院受理原告某小额贷款有限公司诉你借款合同纠纷一案，现依法向你公告送达起诉状副本、应诉通知书、举证通知书、开庭传票。自公告之日起经过60日即视为送达。逾期将依法缺席判决。
胡秋生：本院受理原告程晓燕诉你离婚纠纷一案，现依法向你公告送达起诉状副本、应诉通知书、举证通知书、开庭传票。自公告之日起经过60日即视为送达。本院定于举证期满后第3日上午9时在本院开庭审理。
公告专栏
遗失声明
某贸易有限公司遗失营业执照正本、副本，统一社会信用代码，声明作废。某餐饮管理有限公司遗失公章、财务专用章、法人章各一枚，声明作废。张某遗失身份证，声明作废。某建筑劳务有限公司遗失开户许可证，声明作废。
某科技有限公司遗失增值税专用发票一份，发票代码，发票号码，声明作废。李某遗失医师资格证书，证书编号，声明作废。王某遗失出生医学证明，编号，声明作废。
某物流有限公司遗失道路运输经营许可证正本，声明作废。某商贸有限公司遗失食品经营许可证，声明作废。某装饰工程有限公司遗失营业执照副本，声明作废。
某服装有限公司遗失税务登记证正本、副本，声明作废。陈某遗失教师资格证，声明作废。某文化传播有限公司遗失合同专用章一枚，声明作废。
注销公告
某投资管理有限公司经股东会决议，拟向公司登记机关申请注销登记，请债权人自本公告之日起45日内向本公司清算组申报债权。
某咨询服务有限公司经股东决定，拟向公司登记机关申请注销登记，请债权人自本公告之日起45日内向本公司清算组申报债权。
法院公告
刘某、王某：本院受理原告某银行股份有限公司诉你们金融借款合同纠纷一案，现依法向你们公告送达起诉状副本、应诉通知书、举证通知书、开庭传票。自公告之日起经过60日即视为送达。逾期将依法缺席判决。
上海市浦东新区人民法院
某电子有限公司：本院受理原告某供应链管理有限公司诉你公司买卖合同纠纷一案，现依法向你公司公告送达起诉状副本、应诉通知书、举证通知书、开庭传票。自公告之日起经过60日即视为送达。逾期将依法缺席判决。
上海市闵行区人民法院
赵某：本院受理原告某保险股份有限公司诉你保险人代位求偿权纠纷一案，现依法向你公告送达起诉状副本、应诉通知书、举证通知书、开庭传票。自公告之日起经过60日即视为送达。
上海市徐汇区人民法院
孙某：本院受理原告周某诉你民间借贷纠纷一案，已审结。现依法向你公告送达民事判决书。自公告之日起经过60日即视为送达。如不服本判决，可在公告期满后15日内向本院递交上诉状及副本。
上海市静安区人民法院
某餐饮有限公司：本院受理原告某食品有限公司诉你公司买卖合同纠纷一案，现依法向你公司公告送达起诉状副本、应诉通知书、举证通知书、开庭传票。自公告之日起经过60日即视为送达。
上海市杨浦区人民法院
某贸易有限公司遗失营业执照正本、副本，统一社会信用代码，声明作废。某餐饮管理有限公司遗失公章、财务专用章、法人章各一枚，声明作废。张某遗失身份证，声明作废。某建筑劳务有限公司遗失开户许可证，声明作废。
某科技有限公司遗失增值税专用发票一份，发票代码，发票号码，声明作废。李某遗失医师资格证书，证书编号，声明作废。王某遗失出生医学证明，编号，声明作废。
某物流有限公司遗失道路运输经营许可证正本，声明作废。某商贸有限公司遗失食品经营许可证，声明作废。某装饰工程有限公司遗失营业执照副本，声明作废。
某服装有限公司遗失税务登记证正本、副本，声明作废。陈某遗失教师资格证，声明作废。某文化传播有限公司遗失合同专用章一枚，声明作废。
某投资管理有限公司经股东会决议，拟向公司登记机关申请注销登记，请债权人自本公告之日起45日内向本公司清算组申报债权。
某咨询服务有限公司经股东决定，拟向公司登记机关申请注销登记，请债权人自本公告之日起45日内向本公司清算组申报债权。
刘某、王某：本院受理原告某银行股份有限公司诉你们金融借款合同纠纷一案，现依法向你们公告送达起诉状副本、应诉通知书、举证通知书、开庭传票。自公告之日起经过60日即视为送达。逾期将依法缺席判决。
某电子有限公司：本院受理原告某供应链管理有限公司诉你公司买卖合同纠纷一案，现依法向你公司公告送达起诉状副本、应诉通知书、举证通知书、开庭传票。自公告之日起经过60日即视为送达。逾期将依法缺席判决。
赵某：本院受理原告某保险股份有限公司诉你保险人代位求偿权纠纷一案，现依法向你公告送达起诉状副本、应诉通知书、举证通知书、开庭传票。自公告之日起经过60日即视为送达。
孙某：本院受理原告周某诉你民间借贷纠纷一案，已审结。现依法向你公告送达民事判决书。自公告之日起经过60日即视为送达。如不服本判决，可在公告期满后15日内向本院递交上诉状及副本。
某餐饮有限公司：本院受理原告某食品有限公司诉你公司买卖合同纠纷一案，现依法向你公司公告送达起诉状副本、应诉通知书、举证通知书、开庭传票。自公告之日起经过60日即视为送达。
某贸易有限公司遗失营业执照正本、副本，统一社会信用代码，声明作废。某餐饮管理有限公司遗失公章、财务专用章、法人章各一枚，声明作废。张某遗失身份证，声明作废。某建筑劳务有限公司遗失开户许可证，声明作废。
某科技有限公司遗失增值税专用发票一份，发票代码，发票号码，声明作废。李某遗失医师资格证书，证书编号，声明作废。王某遗失出生医学证明，编号，声明作废。
某物流有限公司遗失道路运输经营许可证正本，声明作废。某商贸有限公司遗失食品经营许可证，声明作废。某装饰工程有限公司遗失营业执照副本，声明作废。
某服装有限公司遗失税务登记证正本、副本，声明作废。陈某遗失教师资格证，声明作废。某文化传播有限公司遗失合同专用章一枚，声明作废。
某投资管理有限公司经股东会决议，拟向公司登记机关申请注销登记，请债权人自本公告之日起45日内向本公司清算组申报债权。
某咨询服务有限公司经股东决定，拟向公司登记机关申请注销登记，请债权人自本公告之日起45日内向本公司清算组申报债权。
刘某、王某：本院受理原告某银行股份有限公司诉你们金融借款合同纠纷一案，现依法向你们公告送达起诉状副本、应诉通知书、举证通知书、开庭传票。自公告之日起经过60日即视为送达。逾期将依法缺席判决。
某电子有限公司：本院受理原告某供应链管理有限公司诉你公司买卖合同纠纷一案，现依法向你公司公告送达起诉状副本、应诉通知书、举证通知书、开庭传票。自公告之日起经过60日即视为送达。逾期将依法缺席判决。
赵某：本院受理原告某保险股份有限公司诉你保险人代位求偿权纠纷一案，现依法向你公告送达起诉状副本、应诉通知书、举证通知书、开庭传票。自公告之日起经过60日即视为送达。
孙某：本院受理原告周某诉你民间借贷纠纷一案，已审结。现依法向你公告送达民事判决书。自公告之日起经过60日即视为送达。如不服本判决，可在公告期满后15日内向本院递交上诉状及副本。
某餐饮有限公司：本院受理原告某食品有限公司诉你公司买卖合同纠纷一案，现依法向你公司公告送达起诉状副本、应诉通知书、举证通知书、开庭传票。自公告之日起经过60日即视为送达。
某贸易有限公司遗失营业执照正本、副本，统一社会信用代码，声明作废。某餐饮管理有限公司遗失公章、财务专用章、法人章各一枚，声明作废。张某遗失身份证，声明作废。某建筑劳务有限公司遗失开户许可证，声明作废。
某科技有限公司遗失增值税专用发票一份，发票代码，发票号码，声明作废。李某遗失医师资格证书，证书编号，声明作废。王某遗失出生医学证明，编号，声明作废。
某物流有限公司遗失道路运输经营许可证正本，声明作废。某商贸有限公司遗失食品经营许可证，声明作废。某装饰工程有限公司遗失营业执照副本，声明作废。
某服装有限公司遗失税务登记证正本、副本，声明作废。陈某遗失教师资格证，声明作废。某文化传播有限公司遗失合同专用章一枚，声明作废。
某投资管理有限公司经股东会决议，拟向公司登记机关申请注销登记，请债权人自本公告之日起45日内向本公司清算组申报债权。
某咨询服务有限公司经股东决定，拟向公司登记机关申请注销登记，请债权人自本公告之日起45日内向本公司清算组申报债权。
刘某、王某：本院受理原告某银行股份有限公司诉你们金融借款合同纠纷一案，现依法向你们公告送达起诉状副本、应诉通知书、举证通知书、开庭传票。自公告之日起经过60日即视为送达。逾期将依法缺席判决。
某电子有限公司：本院受理原告某供应链管理有限公司诉你公司买卖合同纠纷一案，现依法向你公司公告送达起诉状副本、应诉通知书、举证通知书、开庭传票。自公告之日起经过60日即视为送达。逾期将依法缺席判决。
赵某：本院受理原告某保险股份有限公司诉你保险人代位求偿权纠纷一案，现依法向你公告送达起诉状副本、应诉通知书、举证通知书、开庭传票。自公告之日起经过60日即视为送达。
孙某：本院受理原告周某诉你民间借贷纠纷一案，已审结。现依法向你公告送达民事判决书。自公告之日起经过60日即视为送达。如不服本判决，可在公告期满后15日内向本院递交上诉状及副本。
某餐饮有限公司：本院受理原告某食品有限公司诉你公司买卖合同纠纷一案，现依法向你公司公告送达起诉状副本、应诉通知书、举证通知书、开庭传票。自公告之日起经过60日即视为送达。
某贸易有限公司遗失营业执照正本、副本，统一社会信用代码，声明作废。某餐饮管理有限公司遗失公章、财务专用章、法人章各一枚，声明作废。张某遗失身份证，声明作废。某建筑劳务有限公司遗失开户许可证，声明作废。
某科技有限公司遗失增值税专用发票一份，发票代码，发票号码，声明作废。李某遗失医师资格证书，证书编号，声明作废。王某遗失出生医学证明，编号，声明作废。
某物流有限公司遗失道路运输经营许可证正本，声明作废。某商贸有限公司遗失食品经营许可证，声明作废。某装饰工程有限公司遗失营业执照副本，声明作废。
某服装有限公司遗失税务登记证正本、副本，声明作废。陈某遗失教师资格证，声明作废。某文化传播有限公司遗失合同专用章一枚，声明作废。
某投资管理有限公司经股东会决议，拟向公司登记机关申请注销登记，请债权人自本公告之日起45日内向本公司清算组申报债权。
某咨询服务有限公司经股东决定，拟向公司登记机关申请注销登记，请债权人自本公告之日起45日内向本公司清算组申报债权。
刘某、王某：本院受理原告某银行股份有限公司诉你们金融借款合同纠纷一案，现依法向你们公告送达起诉状副本、应诉通知书、举证通知书、开庭传票。自公告之日起经过60日即视为送达。逾期将依法缺席判决。
某电子有限公司：本院受理原告某供应链管理有限公司诉你公司买卖合同纠纷一案，现依法向你公司公告送达起诉状副本、应诉通知书、举证通知书、开庭传票。自公告之日起经过60日即视为送达。逾期将依法缺席判决。
赵某：本院受理原告某保险股份有限公司诉你保险人代位求偿权纠纷一案，现依法向你公告送达起诉状副本、应诉通知书、举证通知书、开庭传票。自公告之日起经过60日即视为送达。
孙某：本院受理原告周某诉你民间借贷纠纷一案，已审结。现依法向你公告送达民事判决书。自公告之日起经过60日即视为送达。如不服本判决，可在公告期满后15日内向本院递交上诉状及副本。
某餐饮有限公司：本院受理原告某食品有限公司诉你公司买卖合同纠纷一案，现依法向你公司公告送达起诉状副本、应诉通知书、举证通知书、开庭传票。自公告之日起经过60日即视为送达。
某贸易有限公司遗失营业执照正本、副本，统一社会信用代码，声明作废。某餐饮管理有限公司遗失公章、财务专用章、法人章各一枚，声明作废。张某遗失身份证，声明作废。某建筑劳务有限公司遗失开户许可证，声明作废。
某科技有限公司遗失增值税专用发票一份，发票代码，发票号码，声明作废。李某遗失医师资格证书，证书编号，声明作废。王某遗失出生医学证明，编号，声明作废。
某物流有限公司遗失道路运输经营许可证正本，声明作废。某商贸有限公司遗失食品经营许可证，声明作废。某装饰工程有限公司遗失营业执照副本，声明作废。
某服装有限公司遗失税务登记证正本、副本，声明作废。陈某遗失教师资格证，声明作废。某文化传播有限公司遗失合同专用章一枚，声明作废。
某投资管理有限公司经股东会决议，拟向公司登记机关申请注销登记，请债权人自本公告之日起45日内向本公司清算组申报债权。
某咨询服务有限公司经股东决定，拟向公司登记机关申请注销登记，请债权人自本公告之日起45日内向本公司清算组申报债权。
刘某、王某：本院受理原告某银行股份有限公司诉你们金融借款合同纠纷一案，现依法向你们公告送达起诉状副本、应诉通知书、举证通知书、开庭传票。自公告之日起经过60日即视为送达。逾期将依法缺席判决。
某电子有限公司：本院受理原告某供应链管理有限公司诉你公司买卖合同纠纷一案，现依法向你公司公告送达起诉状副本、应诉通知书、举证通知书、开庭传票。自公告之日起经过60日即视为送达。逾期将依法缺席判决。
赵某：本院受理原告某保险股份有限公司诉你保险人代位求偿权纠纷一案，现依法向你公告送达起诉状副本、应诉通知书、举证通知书、开庭传票。自公告之日起经过60日即视为送达。
孙某：本院受理原告周某诉你民间借贷纠纷一案，已审结。现依法向你公告送达民事判决书。自公告之日起经过60日即视为送达。如不服本判决，可在公告期满后15日内向本院递交上诉状及副本。
某餐饮有限公司：本院受理原告某食品有限公司诉你公司买卖合同纠纷一案，现依法向你公司公告送达起诉状副本、应诉通知书、举证通知书、开庭传票。自公告之日起经过60日即视为送达。
某贸易有限公司遗失营业执照正本、副本，统一社会信用代码，声明作废。某餐饮管理有限公司遗失公章、财务专用章、法人章各一枚，声明作废。张某遗失身份证，声明作废。某建筑劳务有限公司遗失开户许可证，声明作废。
某科技有限公司遗失增值税专用发票一份，发票代码，发票号码，声明作废。李某遗失医师资格证书，证书编号，声明作废。王某遗失出生医学证明，编号，声明作废。
某物流有限公司遗失道路运输经营许可证正本，声明作废。某商贸有限公司遗失食品经营许可证，声明作废。某装饰工程有限公司遗失营业执照副本，声明作废。
某服装有限公司遗失税务登记证正本、副本，声明作废。陈某遗失教师资格证，声明作废。某文化传播有限公司遗失合同专用章一枚，声明作废。
某投资管理有限公司经股东会决议，拟向公司登记机关申请注销登记，请债权人自本公告之日起45日内向本公司清算组申报债权。
某咨询服务有限公司经股东决定，拟向公司登记机关申请注销登记，请债权人自本公告之日起45日内向本公司清算组申报债权。
刘某、王某：本院受理原告某银行股份有限公司诉你们金融借款合同纠纷一案，现依法向你们公告送达起诉状副本、应诉通知书、举证通知书、开庭传票。自公告之日起经过60日即视为送达。逾期将依法缺席判决。
某电子有限公司：本院受理原告某供应链管理有限公司诉你公司买卖合同纠纷一案，现依法向你公司公告送达起诉状副本、应诉通知书、举证通知书、开庭传票。自公告之日起经过60日即视为送达。逾期将依法缺席判决。
赵某：本院受理原告某保险股份有限公司诉你保险人代位求偿权纠纷一案，现依法向你公告送达起诉状副本、应诉通知书、举证通知书、开庭传票。自公告之日起经过60日即视为送达。
孙某：本院受理原告周某诉你民间借贷纠纷一案，已审结。现依法向你公告送达民事判决书。自公告之日起经过60日即视为送达。如不服本判决，可在公告期满后15日内向本院递交上诉状及副本。
某餐饮有限公司：本院受理原告某食品有限公司诉你公司买卖合同纠纷一案，现依法向你公司公告送达起诉状副本、应诉通知书、举证通知书、开庭传票。自公告之日起经过60日即视为送达。
